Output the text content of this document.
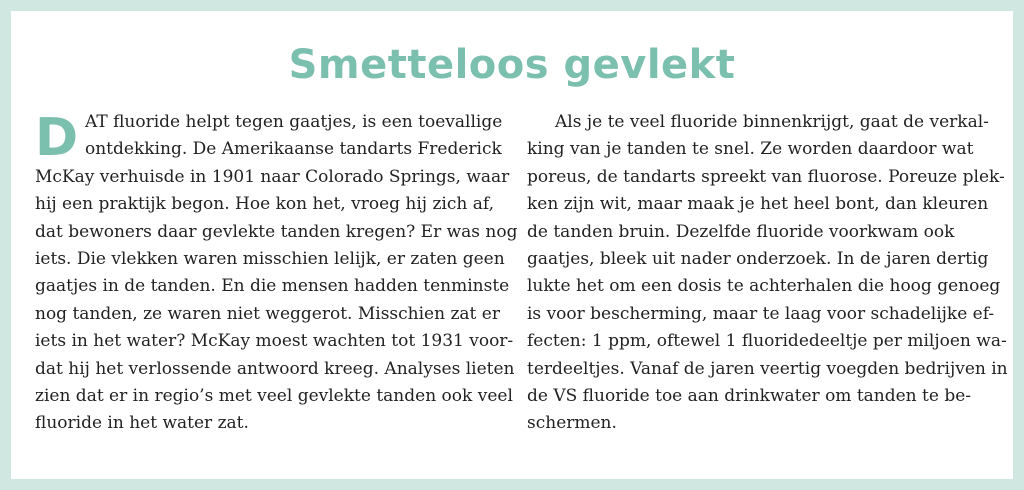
Smetteloos gevlekt
D AT fluoride helpt tegen gaatjes, is een toevallige
ontdekking. De Amerikaanse tandarts Frederick
McKay verhuisde in 1901 naar Colorado Springs, waar
hij een praktijk begon. Hoe kon het, vroeg hij zich af,
dat bewoners daar gevlekte tanden kregen? Er was nog
iets. Die vlekken waren misschien lelijk, er zaten geen
gaatjes in de tanden. En die mensen hadden tenminste
nog tanden, ze waren niet weggerot. Misschien zat er
iets in het water? McKay moest wachten tot 1931 voor-
dat hij het verlossende antwoord kreeg. Analyses lieten
zien dat er in regio’s met veel gevlekte tanden ook veel
fluoride in het water zat.
Als je te veel fluoride binnenkrijgt, gaat de verkal-
king van je tanden te snel. Ze worden daardoor wat
poreus, de tandarts spreekt van fluorose. Poreuze plek-
ken zijn wit, maar maak je het heel bont, dan kleuren
de tanden bruin. Dezelfde fluoride voorkwam ook
gaatjes, bleek uit nader onderzoek. In de jaren dertig
lukte het om een dosis te achterhalen die hoog genoeg
is voor bescherming, maar te laag voor schadelijke ef-
fecten: 1 ppm, oftewel 1 fluoridedeeltje per miljoen wa-
terdeeltjes. Vanaf de jaren veertig voegden bedrijven in
de VS fluoride toe aan drinkwater om tanden te be-
schermen.
